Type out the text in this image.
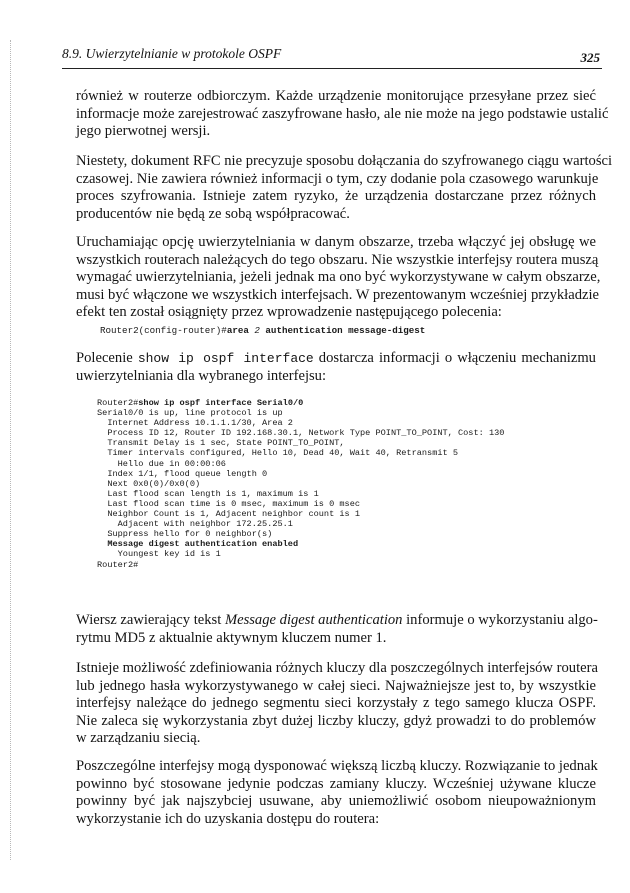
8.9. Uwierzytelnianie w protokole OSPF	325

również w routerze odbiorczym. Każde urządzenie monitorujące przesyłane przez sieć
informacje może zarejestrować zaszyfrowane hasło, ale nie może na jego podstawie ustalić
jego pierwotnej wersji.

Niestety, dokument RFC nie precyzuje sposobu dołączania do szyfrowanego ciągu wartości
czasowej. Nie zawiera również informacji o tym, czy dodanie pola czasowego warunkuje
proces szyfrowania. Istnieje zatem ryzyko, że urządzenia dostarczane przez różnych
producentów nie będą ze sobą współpracować.

Uruchamiając opcję uwierzytelniania w danym obszarze, trzeba włączyć jej obsługę we
wszystkich routerach należących do tego obszaru. Nie wszystkie interfejsy routera muszą
wymagać uwierzytelniania, jeżeli jednak ma ono być wykorzystywane w całym obszarze,
musi być włączone we wszystkich interfejsach. W prezentowanym wcześniej przykładzie
efekt ten został osiągnięty przez wprowadzenie następującego polecenia:

Router2(config-router)#area 2 authentication message-digest

Polecenie show ip ospf interface dostarcza informacji o włączeniu mechanizmu
uwierzytelniania dla wybranego interfejsu:

Router2#show ip ospf interface Serial0/0
Serial0/0 is up, line protocol is up
Internet Address 10.1.1.1/30, Area 2
Process ID 12, Router ID 192.168.30.1, Network Type POINT_TO_POINT, Cost: 130
Transmit Delay is 1 sec, State POINT_TO_POINT,
Timer intervals configured, Hello 10, Dead 40, Wait 40, Retransmit 5
Hello due in 00:00:06
Index 1/1, flood queue length 0
Next 0x0(0)/0x0(0)
Last flood scan length is 1, maximum is 1
Last flood scan time is 0 msec, maximum is 0 msec
Neighbor Count is 1, Adjacent neighbor count is 1
Adjacent with neighbor 172.25.25.1
Suppress hello for 0 neighbor(s)
Message digest authentication enabled
Youngest key id is 1
Router2#

Wiersz zawierający tekst Message digest authentication informuje o wykorzystaniu algo-
rytmu MD5 z aktualnie aktywnym kluczem numer 1.

Istnieje możliwość zdefiniowania różnych kluczy dla poszczególnych interfejsów routera
lub jednego hasła wykorzystywanego w całej sieci. Najważniejsze jest to, by wszystkie
interfejsy należące do jednego segmentu sieci korzystały z tego samego klucza OSPF.
Nie zaleca się wykorzystania zbyt dużej liczby kluczy, gdyż prowadzi to do problemów
w zarządzaniu siecią.

Poszczególne interfejsy mogą dysponować większą liczbą kluczy. Rozwiązanie to jednak
powinno być stosowane jedynie podczas zamiany kluczy. Wcześniej używane klucze
powinny być jak najszybciej usuwane, aby uniemożliwić osobom nieupoważnionym
wykorzystanie ich do uzyskania dostępu do routera:
